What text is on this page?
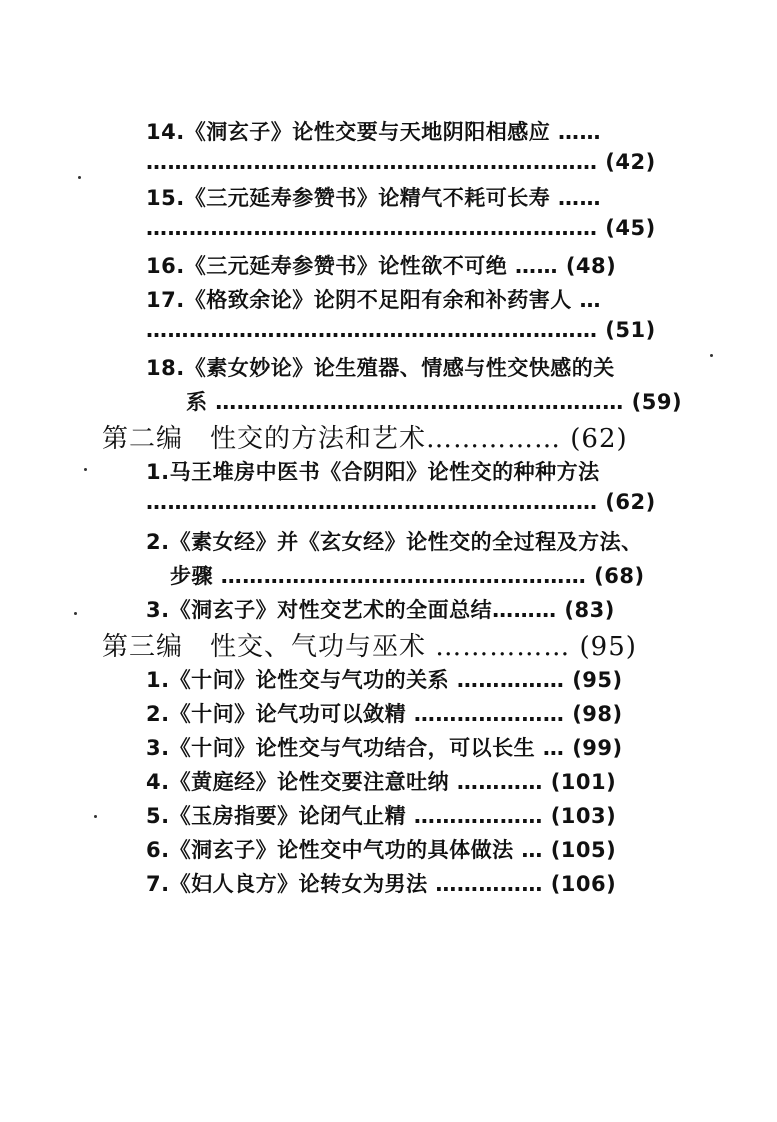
14.《洞玄子》论性交要与天地阴阳相感应 ……
……………………………………………………… (42)
15.《三元延寿参赞书》论精气不耗可长寿 ……
……………………………………………………… (45)
16.《三元延寿参赞书》论性欲不可绝 …… (48)
17.《格致余论》论阴不足阳有余和补药害人 …
……………………………………………………… (51)
18.《素女妙论》论生殖器、情感与性交快感的关
系 ………………………………………………… (59)
第二编　性交的方法和艺术…………… (62)
1.马王堆房中医书《合阴阳》论性交的种种方法
……………………………………………………… (62)
2.《素女经》并《玄女经》论性交的全过程及方法、
步骤 …………………………………………… (68)
3.《洞玄子》对性交艺术的全面总结……… (83)
第三编　性交、气功与巫术 …………… (95)
1.《十问》论性交与气功的关系 …………… (95)
2.《十问》论气功可以敛精 ………………… (98)
3.《十问》论性交与气功结合，可以长生 … (99)
4.《黄庭经》论性交要注意吐纳 ………… (101)
5.《玉房指要》论闭气止精 ……………… (103)
6.《洞玄子》论性交中气功的具体做法 … (105)
7.《妇人良方》论转女为男法 …………… (106)
